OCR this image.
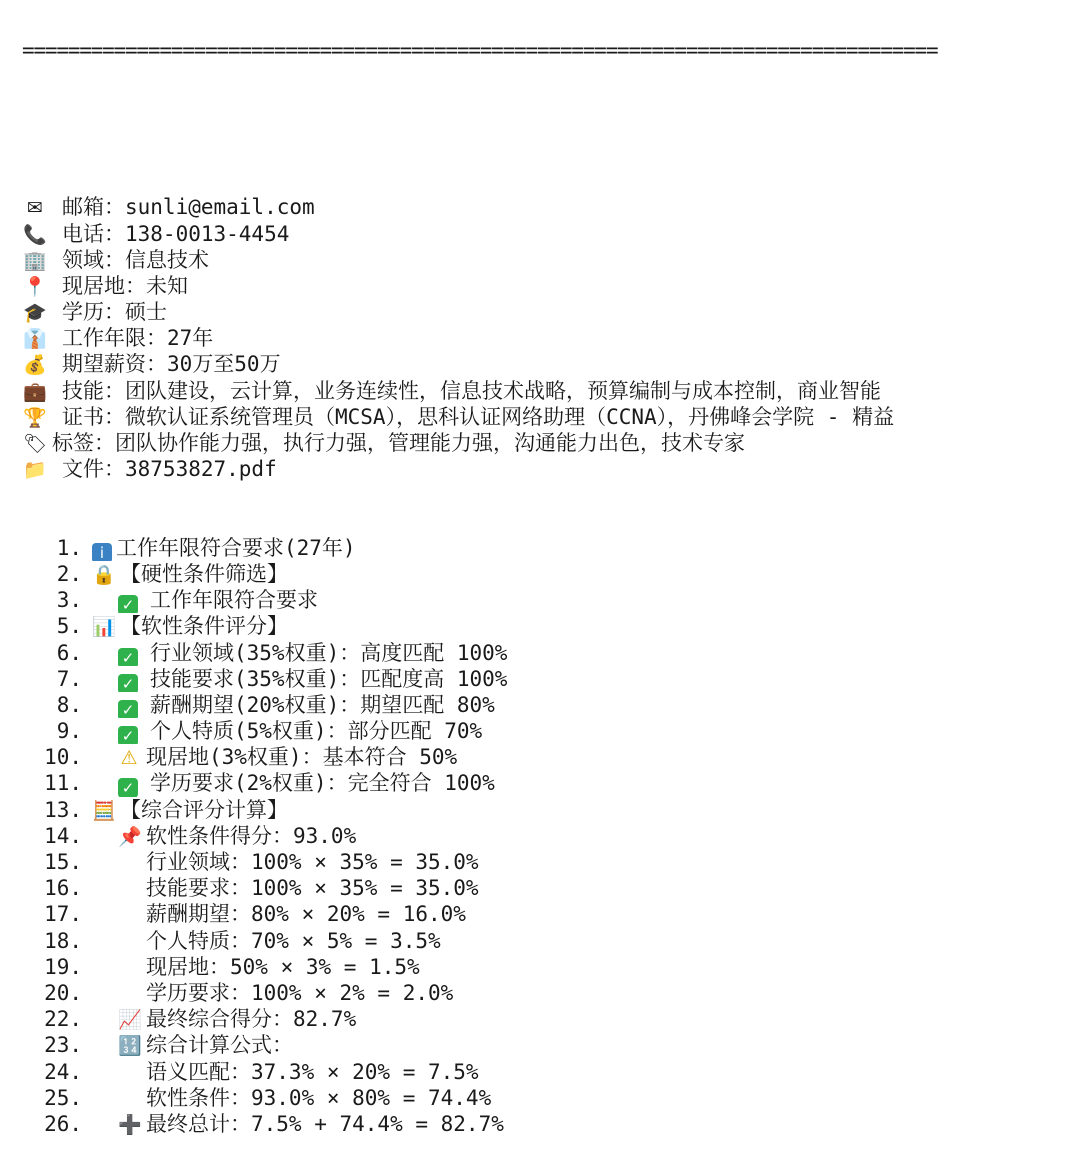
================================================================================

✉ 邮箱：sunli@email.com
📞 电话：138-0013-4454
🏢 领域：信息技术
📍 现居地：未知
🎓 学历：硕士
👔 工作年限：27年
💰 期望薪资：30万至50万
💼 技能：团队建设，云计算，业务连续性，信息技术战略，预算编制与成本控制，商业智能
🏆 证书：微软认证系统管理员（MCSA），思科认证网络助理（CCNA），丹佛峰会学院 - 精益
🏷 标签：团队协作能力强，执行力强，管理能力强，沟通能力出色，技术专家
📁 文件：38753827.pdf

1. i 工作年限符合要求(27年)
2. 🔒 【硬性条件筛选】
3.	✓ 工作年限符合要求
5. 📊 【软性条件评分】
6.	✓ 行业领域(35%权重)：高度匹配 100%
7.	✓ 技能要求(35%权重)：匹配度高 100%
8.	✓ 薪酬期望(20%权重)：期望匹配 80%
9.	✓ 个人特质(5%权重)：部分匹配 70%
10. ⚠ 现居地(3%权重)：基本符合 50%
11.	✓ 学历要求(2%权重)：完全符合 100%
13. 🧮 【综合评分计算】
14. 📌 软性条件得分：93.0%
15.	行业领域：100% × 35% = 35.0%
16.	技能要求：100% × 35% = 35.0%
17.	薪酬期望：80% × 20% = 16.0%
18.	个人特质：70% × 5% = 3.5%
19.	现居地：50% × 3% = 1.5%
20.	学历要求：100% × 2% = 2.0%
22. 📈 最终综合得分：82.7%
23. 🔢 综合计算公式：
24.	语义匹配：37.3% × 20% = 7.5%
25.	软性条件：93.0% × 80% = 74.4%
26. ➕ 最终总计：7.5% + 74.4% = 82.7%
